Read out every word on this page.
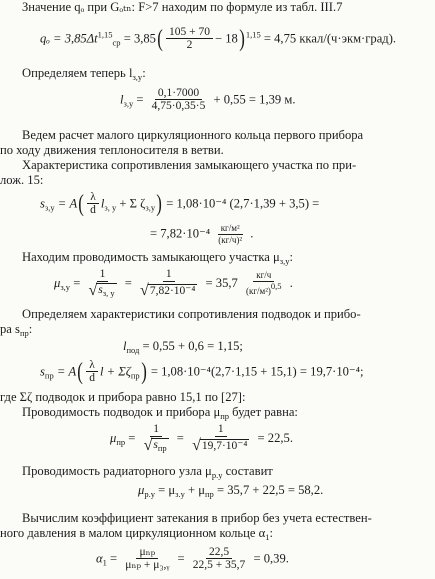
Значение qₒ при Gₒₜₙ: F>7 находим по формуле из табл. III.7
$q_o = 3,85\Delta t^{1,15}_{ср} = 3,85( \frac{105 + 70}{2} - 18)^{1,15} = 4,75$ ккал/(ч·экм·град).
Определяем теперь $l_{з,у}$:
$l_{з,у} = \frac{0,1\cdot 7000}{4,75\cdot 0,35\cdot 5} + 0,55 = 1,39$ м.
Ведем расчет малого циркуляционного кольца первого прибора
по ходу движения теплоносителя в ветви.
Характеристика сопротивления замыкающего участка по при-
лож. 15:
$s_{з,у} = A( \frac{\lambda}{d} l_{з, у} + \Sigma$ $\zeta_{з,у}) = 1,08\cdot 10^{-4}$ (2,7·1,39 + 3,5) =
= $7,82\cdot 10^{-4} \frac{\text{кг/м²}}{\text{(кг/ч)²}}$ .
Находим проводимость замыкающего участка $\mu_{з,у}$:
$\mu_{з,у} = \frac{1}{√ s_{з, у}} = \frac{1}{\text{√ 7,82·10⁻⁴}} = 35,7 \frac{кг/ч}{\text{(кг/м²)0,5}}$ .
Определяем характеристики сопротивления подводок и прибо-
ра $s_{пр}$:
$l_{под} = 0,55 + 0,6 = 1,15$;
$s_{пр} = A( \frac{\lambda}{d}$ $l + \Sigma\zeta_{пр}) = 1,08\cdot 10^{-4}(2,7\cdot 1,15 + 15,1) = 19,7\cdot 10^{-4}$;
где Σζ подводок и прибора равно 15,1 по [27]:
Проводимость подводок и прибора $\mu_{пр}$ будет равна:
$\mu_{пр} = \frac{1}{√ s_{пр}} = \frac{1}{\text{√ 19,7·10⁻⁴}} = 22,5$.
Проводимость радиаторного узла $\mu_{р.у}$ составит
$\mu_{р.у} = \mu_{з.у} + \mu_{пр} = 35,7 + 22,5 = 58,2$.
Вычислим коэффициент затекания в прибор без учета естествен-
ного давления в малом циркуляционном кольце $\alpha_1$:
$\alpha_1 = \frac{\text{μₙₚ}}{\text{μₙₚ + μ₃,ᵧ}} = \frac{22,5}{22,5 + 35,7} = 0,39$.
